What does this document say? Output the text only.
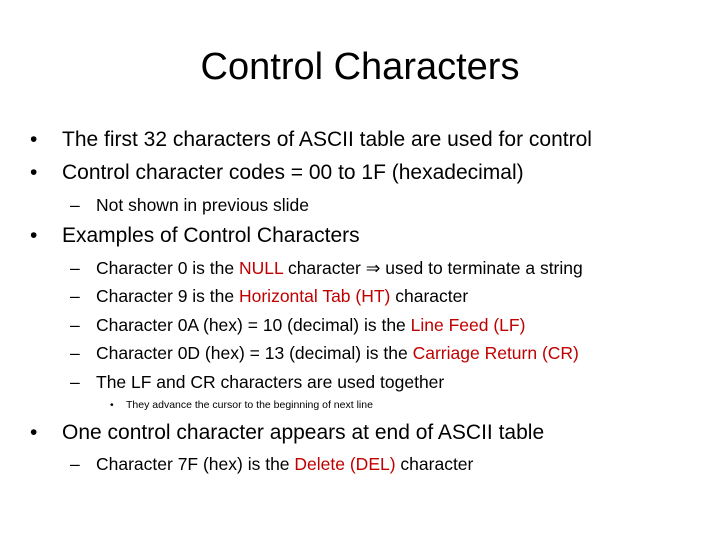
Control Characters
• The first 32 characters of ASCII table are used for control
• Control character codes = 00 to 1F (hexadecimal)
– Not shown in previous slide
• Examples of Control Characters
– Character 0 is the NULL character ⇒ used to terminate a string
– Character 9 is the Horizontal Tab (HT) character
– Character 0A (hex) = 10 (decimal) is the Line Feed (LF)
– Character 0D (hex) = 13 (decimal) is the Carriage Return (CR)
– The LF and CR characters are used together
• They advance the cursor to the beginning of next line
• One control character appears at end of ASCII table
– Character 7F (hex) is the Delete (DEL) character
